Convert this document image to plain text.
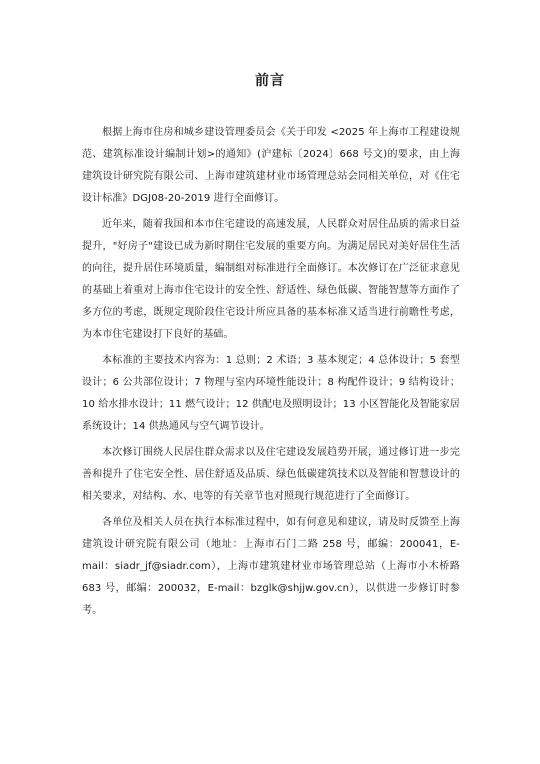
前言

根据上海市住房和城乡建设管理委员会《关于印发 <2025 年上海市工程建设规范、建筑标准设计编制计划>的通知》(沪建标〔2024〕668 号文)的要求，由上海建筑设计研究院有限公司、上海市建筑建材业市场管理总站会同相关单位，对《住宅设计标准》DGJ08-20-2019 进行全面修订。

近年来，随着我国和本市住宅建设的高速发展，人民群众对居住品质的需求日益提升，"好房子"建设已成为新时期住宅发展的重要方向。为满足居民对美好居住生活的向往，提升居住环境质量，编制组对标准进行全面修订。本次修订在广泛征求意见的基础上着重对上海市住宅设计的安全性、舒适性、绿色低碳、智能智慧等方面作了多方位的考虑，既规定现阶段住宅设计所应具备的基本标准又适当进行前瞻性考虑，为本市住宅建设打下良好的基础。

本标准的主要技术内容为：1 总则；2 术语；3 基本规定；4 总体设计；5 套型设计；6 公共部位设计；7 物理与室内环境性能设计；8 构配件设计；9 结构设计；10 给水排水设计；11 燃气设计；12 供配电及照明设计；13 小区智能化及智能家居系统设计；14 供热通风与空气调节设计。

本次修订围绕人民居住群众需求以及住宅建设发展趋势开展，通过修订进一步完善和提升了住宅安全性、居住舒适及品质、绿色低碳建筑技术以及智能和智慧设计的相关要求，对结构、水、电等的有关章节也对照现行规范进行了全面修订。

各单位及相关人员在执行本标准过程中，如有何意见和建议，请及时反馈至上海建筑设计研究院有限公司（地址：上海市石门二路 258 号，邮编：200041，E-mail：siadr_jf@siadr.com），上海市建筑建材业市场管理总站（上海市小木桥路 683 号，邮编：200032，E-mail：bzglk@shjjw.gov.cn），以供进一步修订时参考。
